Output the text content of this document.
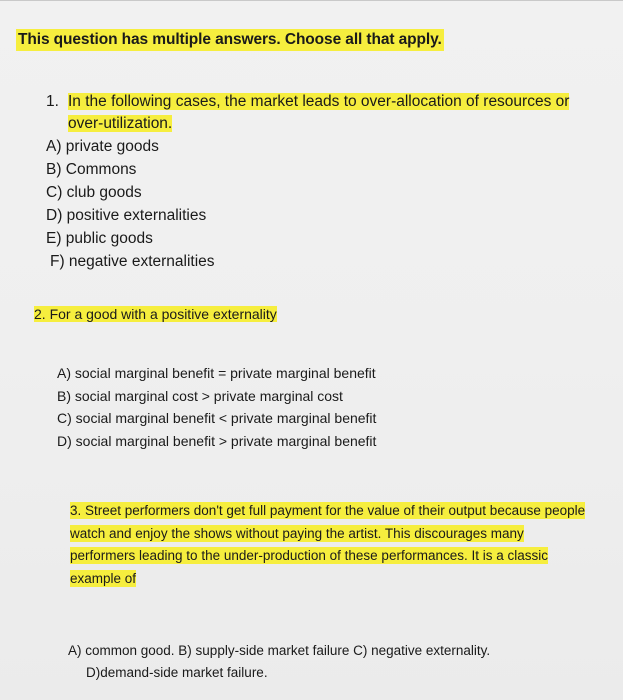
This question has multiple answers. Choose all that apply.
1. In the following cases, the market leads to over-allocation of resources or over-utilization.
A) private goods
B) Commons
C) club goods
D) positive externalities
E) public goods
F) negative externalities
2. For a good with a positive externality
A) social marginal benefit = private marginal benefit
B) social marginal cost > private marginal cost
C) social marginal benefit < private marginal benefit
D) social marginal benefit > private marginal benefit
3. Street performers don't get full payment for the value of their output because people watch and enjoy the shows without paying the artist. This discourages many performers leading to the under-production of these performances. It is a classic example of
A) common good. B) supply-side market failure C) negative externality.
D)demand-side market failure.
